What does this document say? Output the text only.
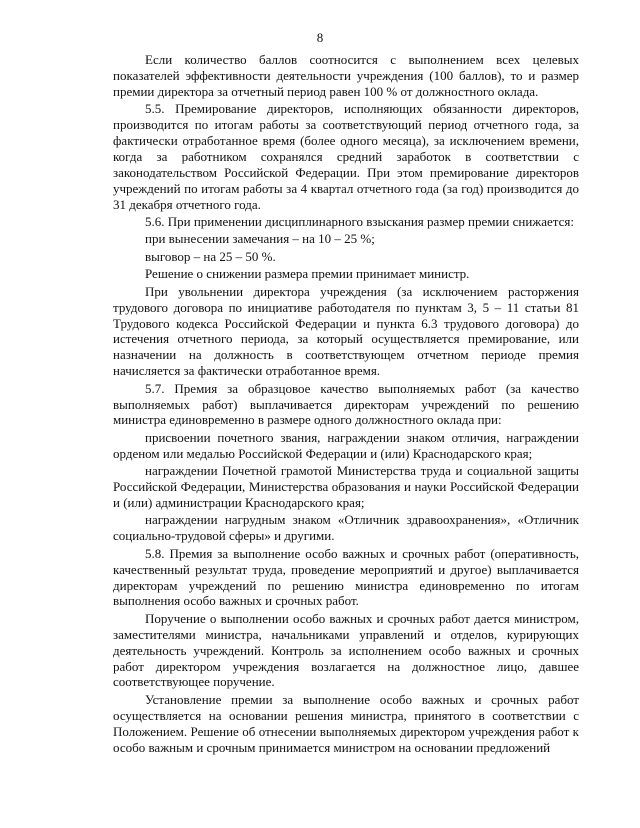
8

Если количество баллов соотносится с выполнением всех целевых показателей эффективности деятельности учреждения (100 баллов), то и размер премии директора за отчетный период равен 100 % от должностного оклада.

5.5. Премирование директоров, исполняющих обязанности директоров, производится по итогам работы за соответствующий период отчетного года, за фактически отработанное время (более одного месяца), за исключением времени, когда за работником сохранялся средний заработок в соответствии с законодательством Российской Федерации. При этом премирование директоров учреждений по итогам работы за 4 квартал отчетного года (за год) производится до 31 декабря отчетного года.

5.6. При применении дисциплинарного взыскания размер премии снижается:

при вынесении замечания – на 10 – 25 %;

выговор – на 25 – 50 %.

Решение о снижении размера премии принимает министр.

При увольнении директора учреждения (за исключением расторжения трудового договора по инициативе работодателя по пунктам 3, 5 – 11 статьи 81 Трудового кодекса Российской Федерации и пункта 6.3 трудового договора) до истечения отчетного периода, за который осуществляется премирование, или назначении на должность в соответствующем отчетном периоде премия начисляется за фактически отработанное время.

5.7. Премия за образцовое качество выполняемых работ (за качество выполняемых работ) выплачивается директорам учреждений по решению министра единовременно в размере одного должностного оклада при:

присвоении почетного звания, награждении знаком отличия, награждении орденом или медалью Российской Федерации и (или) Краснодарского края;

награждении Почетной грамотой Министерства труда и социальной защиты Российской Федерации, Министерства образования и науки Российской Федерации и (или) администрации Краснодарского края;

награждении нагрудным знаком «Отличник здравоохранения», «Отличник социально-трудовой сферы» и другими.

5.8. Премия за выполнение особо важных и срочных работ (оперативность, качественный результат труда, проведение мероприятий и другое) выплачивается директорам учреждений по решению министра единовременно по итогам выполнения особо важных и срочных работ.

Поручение о выполнении особо важных и срочных работ дается министром, заместителями министра, начальниками управлений и отделов, курирующих деятельность учреждений. Контроль за исполнением особо важных и срочных работ директором учреждения возлагается на должностное лицо, давшее соответствующее поручение.

Установление премии за выполнение особо важных и срочных работ осуществляется на основании решения министра, принятого в соответствии с Положением. Решение об отнесении выполняемых директором учреждения работ к особо важным и срочным принимается министром на основании предложений
